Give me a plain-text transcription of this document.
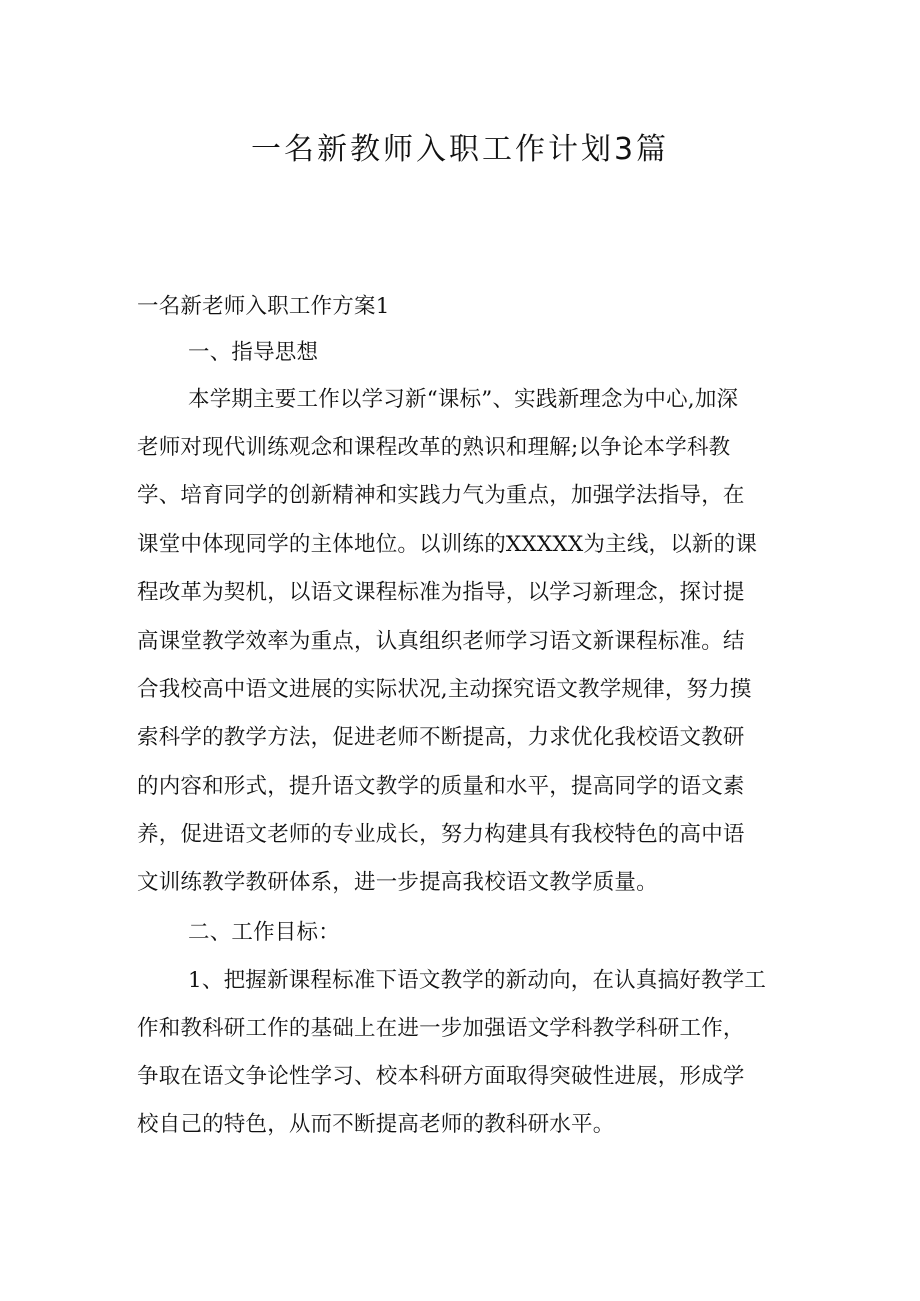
一名新教师入职工作计划3篇
一名新老师入职工作方案1
一、指导思想
本学期主要工作以学习新“课标”、实践新理念为中心,加深
老师对现代训练观念和课程改革的熟识和理解;以争论本学科教
学、培育同学的创新精神和实践力气为重点，加强学法指导，在
课堂中体现同学的主体地位。以训练的XXXXX为主线，以新的课
程改革为契机，以语文课程标准为指导，以学习新理念，探讨提
高课堂教学效率为重点，认真组织老师学习语文新课程标准。结
合我校高中语文进展的实际状况,主动探究语文教学规律，努力摸
索科学的教学方法，促进老师不断提高，力求优化我校语文教研
的内容和形式，提升语文教学的质量和水平，提高同学的语文素
养，促进语文老师的专业成长，努力构建具有我校特色的高中语
文训练教学教研体系，进一步提高我校语文教学质量。
二、工作目标：
1、把握新课程标准下语文教学的新动向，在认真搞好教学工
作和教科研工作的基础上在进一步加强语文学科教学科研工作，
争取在语文争论性学习、校本科研方面取得突破性进展，形成学
校自己的特色，从而不断提高老师的教科研水平。
